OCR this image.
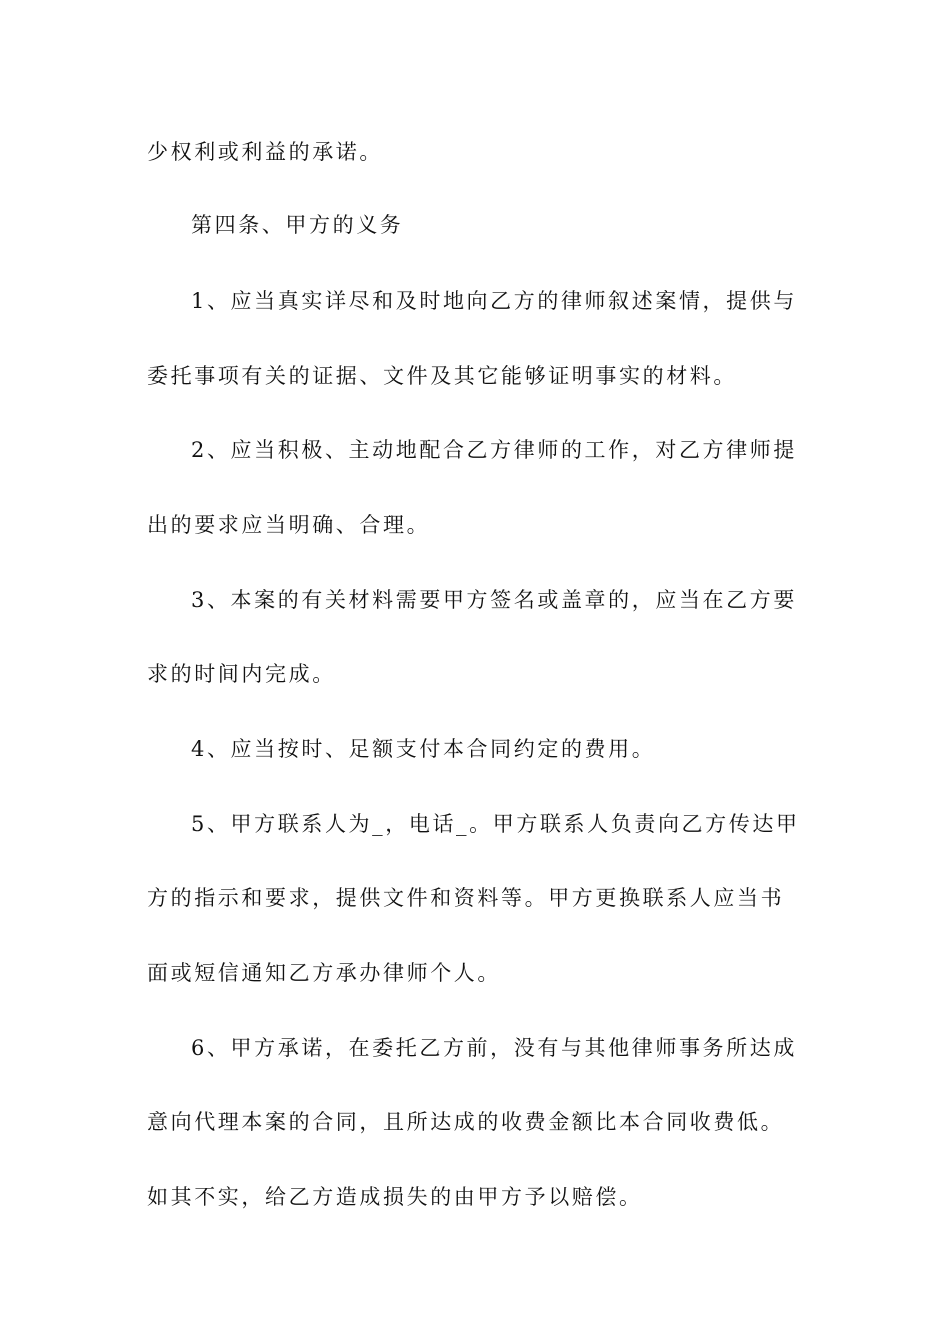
少权利或利益的承诺。
第四条、甲方的义务
1、应当真实详尽和及时地向乙方的律师叙述案情，提供与
委托事项有关的证据、文件及其它能够证明事实的材料。
2、应当积极、主动地配合乙方律师的工作，对乙方律师提
出的要求应当明确、合理。
3、本案的有关材料需要甲方签名或盖章的，应当在乙方要
求的时间内完成。
4、应当按时、足额支付本合同约定的费用。
5、甲方联系人为_，电话_。甲方联系人负责向乙方传达甲
方的指示和要求，提供文件和资料等。甲方更换联系人应当书
面或短信通知乙方承办律师个人。
6、甲方承诺，在委托乙方前，没有与其他律师事务所达成
意向代理本案的合同，且所达成的收费金额比本合同收费低。
如其不实，给乙方造成损失的由甲方予以赔偿。
